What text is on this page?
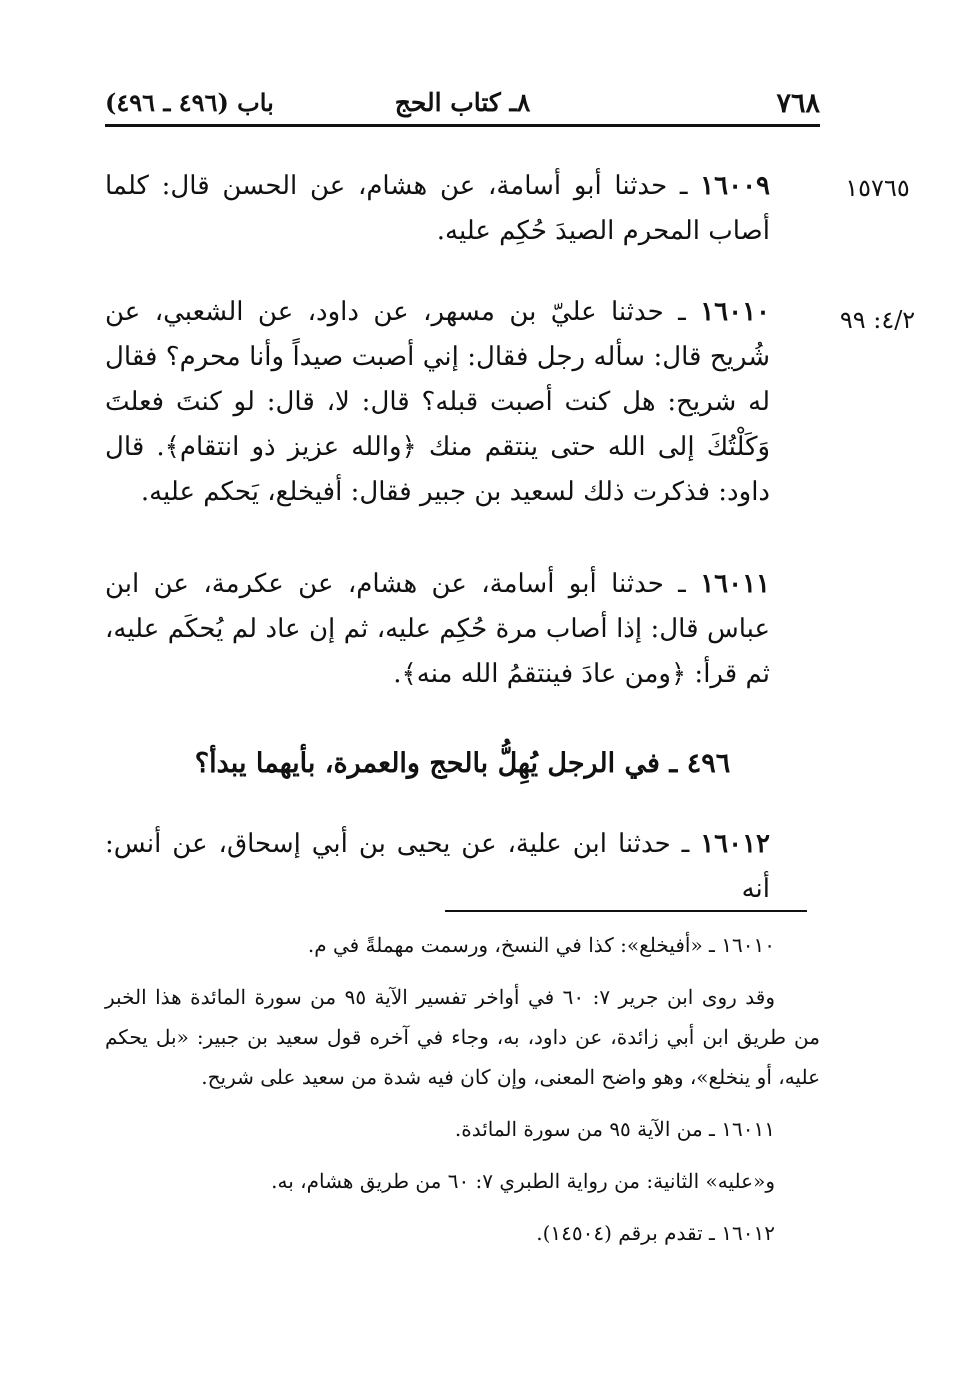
٧٦٨
٨ـ كتاب الحج
باب (٤٩٦ ـ ٤٩٦)
١٥٧٦٥
١٦٠٠٩ ـ حدثنا أبو أسامة، عن هشام، عن الحسن قال: كلما أصاب المحرم الصيدَ حُكِم عليه.
٤/٢: ٩٩
١٦٠١٠ ـ حدثنا عليّ بن مسهر، عن داود، عن الشعبي، عن شُريح قال: سأله رجل فقال: إني أصبت صيداً وأنا محرم؟ فقال له شريح: هل كنت أصبت قبله؟ قال: لا، قال: لو كنتَ فعلتَ وَكَلْتُكَ إلى الله حتى ينتقم منك ﴿والله عزيز ذو انتقام﴾. قال داود: فذكرت ذلك لسعيد بن جبير فقال: أفيخلع، يَحكم عليه.
١٦٠١١ ـ حدثنا أبو أسامة، عن هشام، عن عكرمة، عن ابن عباس قال: إذا أصاب مرة حُكِم عليه، ثم إن عاد لم يُحكَم عليه، ثم قرأ: ﴿ومن عادَ فينتقمُ الله منه﴾.
٤٩٦ ـ في الرجل يُهِلُّ بالحج والعمرة، بأيهما يبدأ؟
١٦٠١٢ ـ حدثنا ابن علية، عن يحيى بن أبي إسحاق، عن أنس: أنه
١٦٠١٠ ـ «أفيخلع»: كذا في النسخ، ورسمت مهملةً في م.
وقد روى ابن جرير ٧: ٦٠ في أواخر تفسير الآية ٩٥ من سورة المائدة هذا الخبر من طريق ابن أبي زائدة، عن داود، به، وجاء في آخره قول سعيد بن جبير: «بل يحكم عليه، أو ينخلع»، وهو واضح المعنى، وإن كان فيه شدة من سعيد على شريح.
١٦٠١١ ـ من الآية ٩٥ من سورة المائدة.
و«عليه» الثانية: من رواية الطبري ٧: ٦٠ من طريق هشام، به.
١٦٠١٢ ـ تقدم برقم (١٤٥٠٤).
